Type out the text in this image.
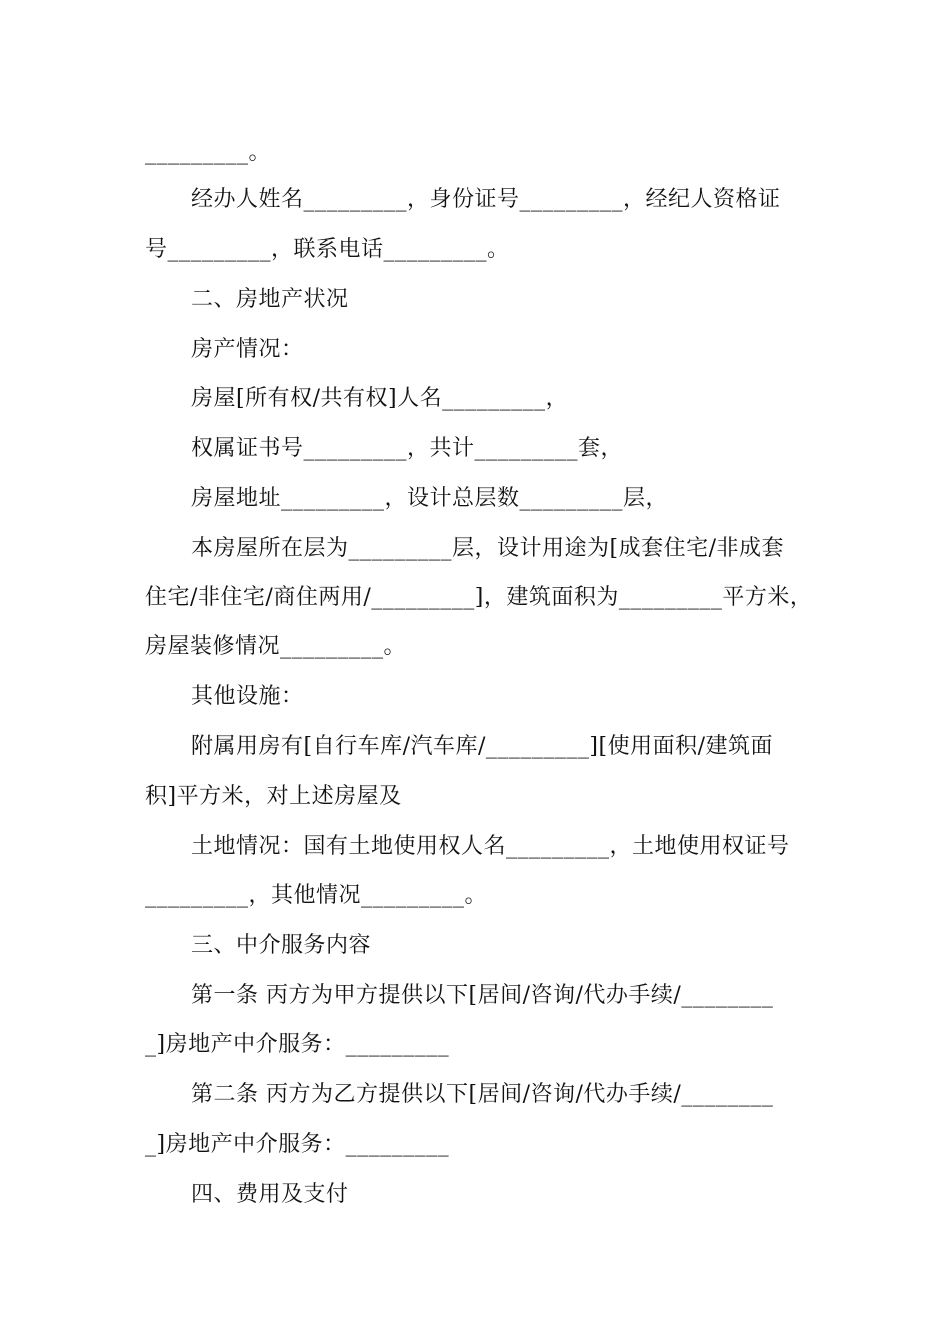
_________。
经办人姓名_________，身份证号_________，经纪人资格证
号_________，联系电话_________。
二、房地产状况
房产情况：
房屋[所有权/共有权]人名_________，
权属证书号_________，共计_________套，
房屋地址_________，设计总层数_________层，
本房屋所在层为_________层，设计用途为[成套住宅/非成套
住宅/非住宅/商住两用/_________]，建筑面积为_________平方米，
房屋装修情况_________。
其他设施：
附属用房有[自行车库/汽车库/_________][使用面积/建筑面
积]平方米，对上述房屋及
土地情况：国有土地使用权人名_________，土地使用权证号
_________，其他情况_________。
三、中介服务内容
第一条 丙方为甲方提供以下[居间/咨询/代办手续/________
_]房地产中介服务：_________
第二条 丙方为乙方提供以下[居间/咨询/代办手续/________
_]房地产中介服务：_________
四、费用及支付
